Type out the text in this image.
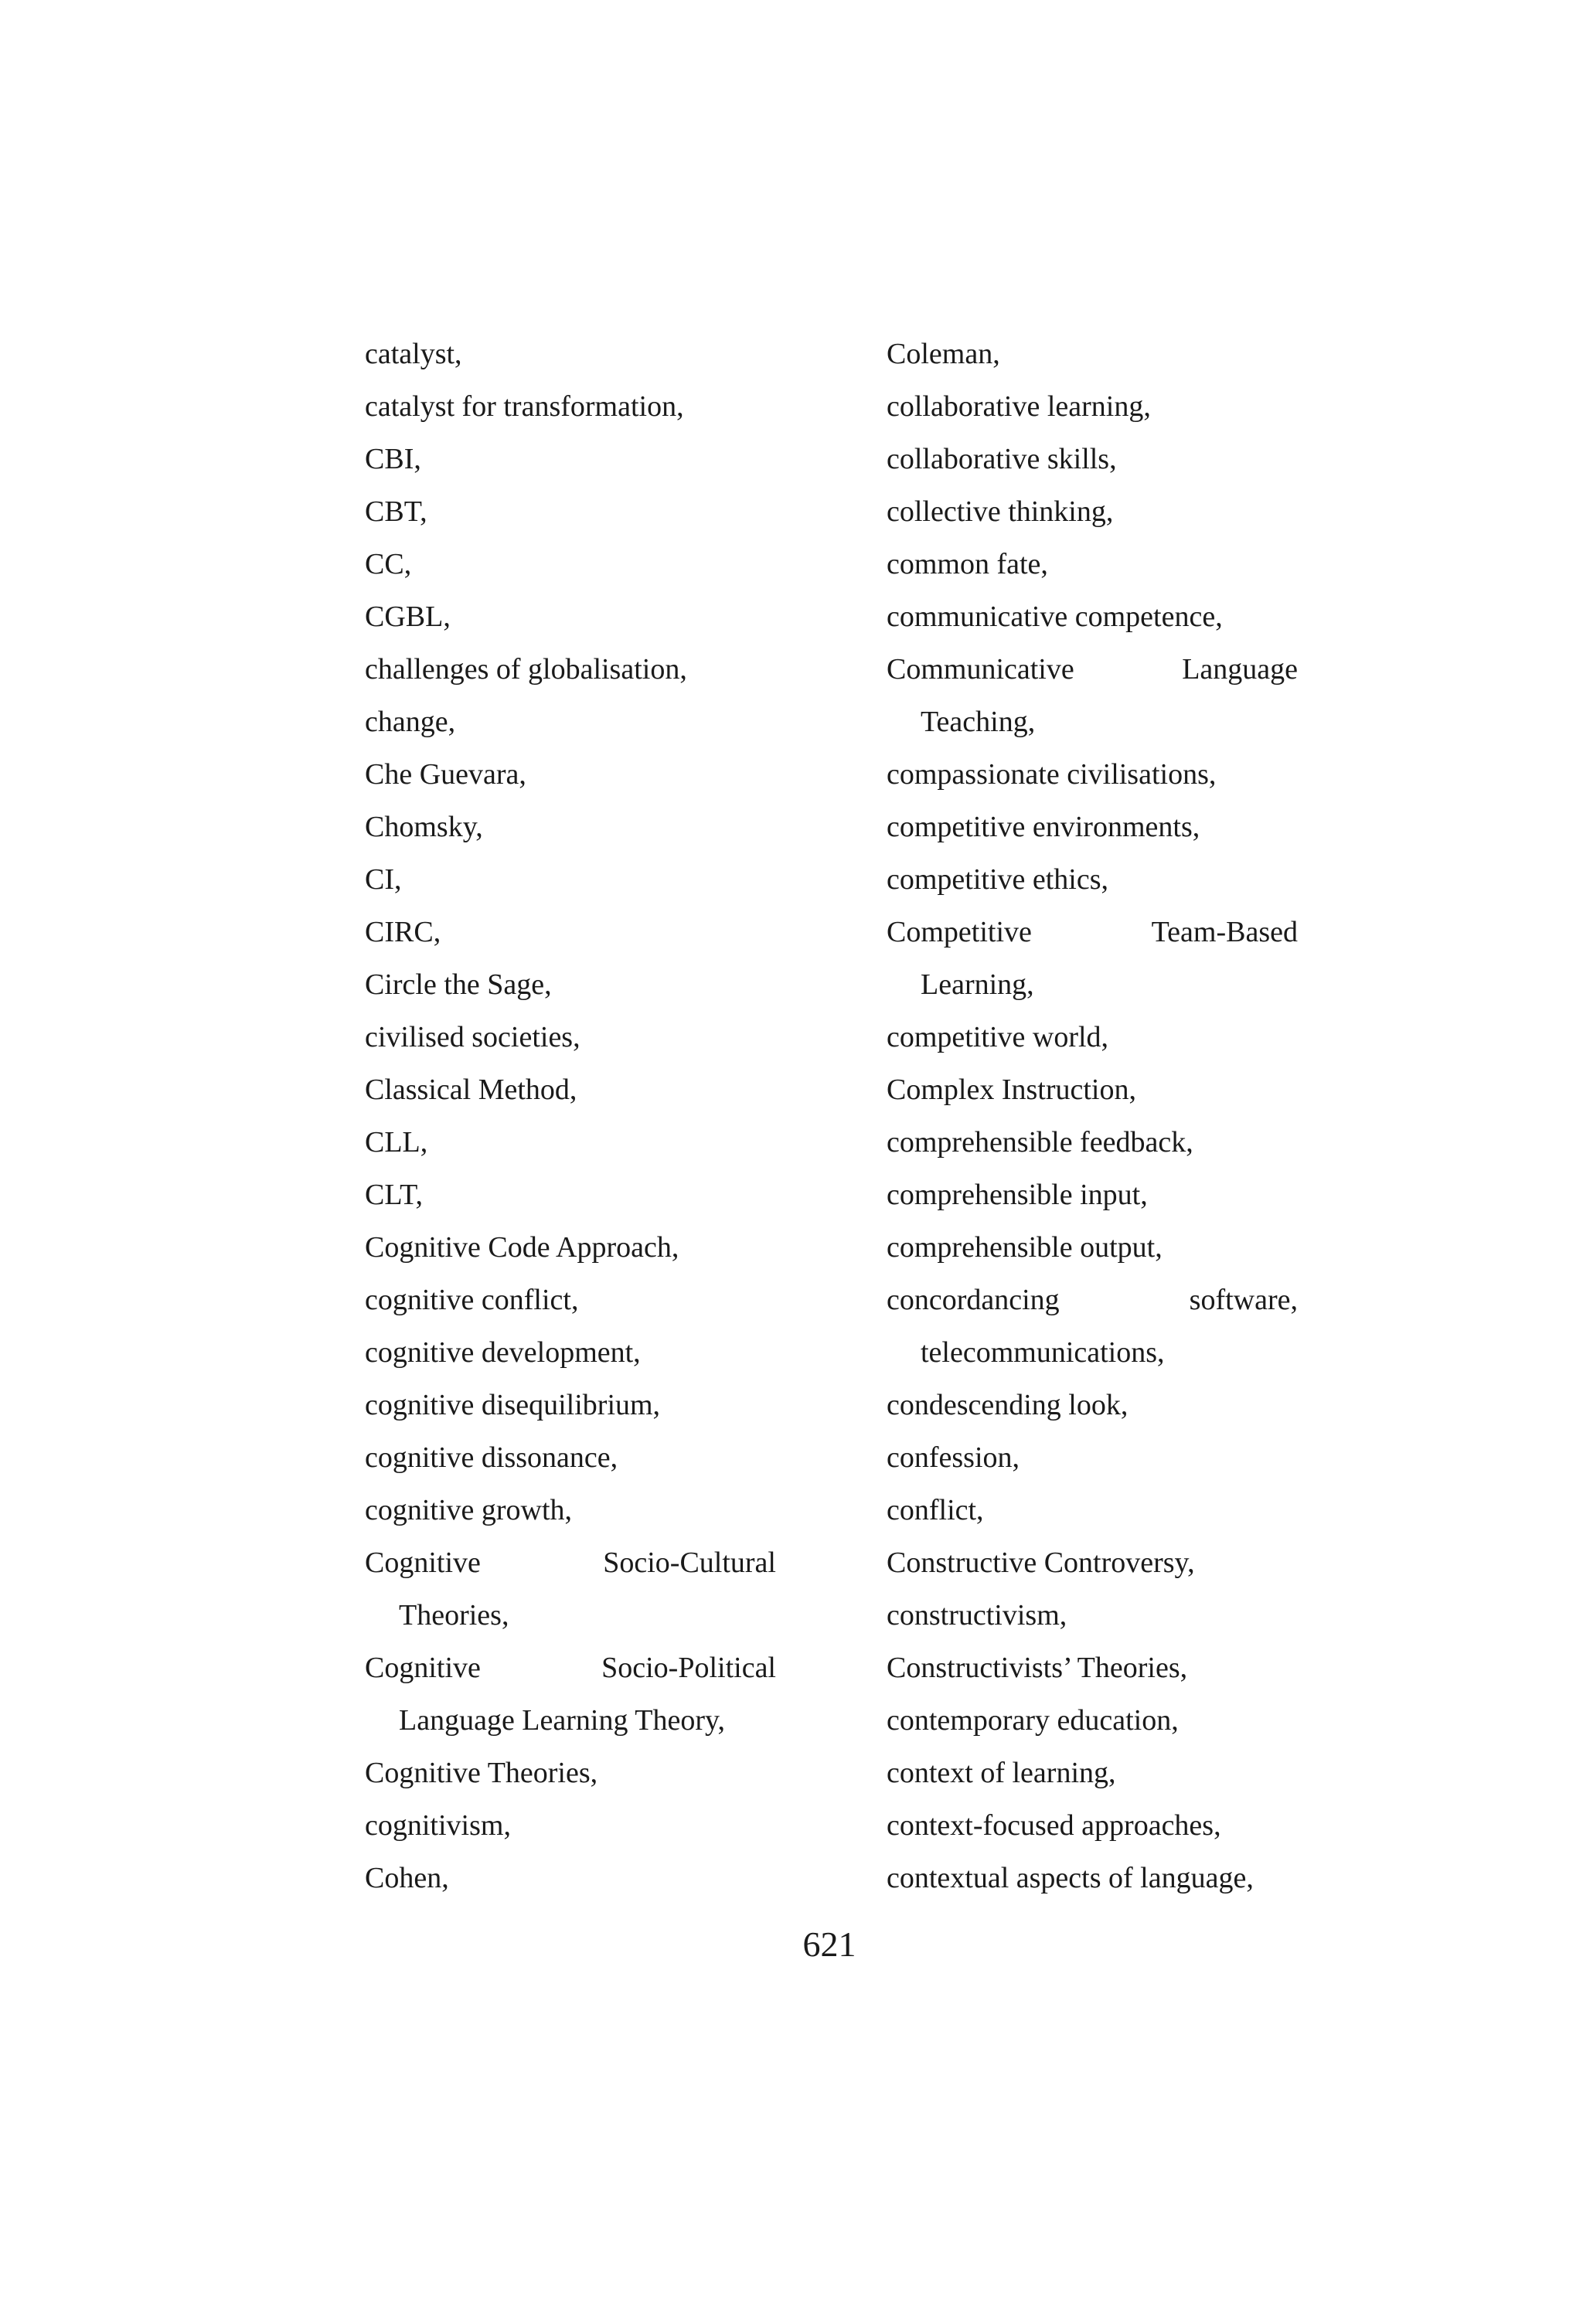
catalyst,
catalyst for transformation,
CBI,
CBT,
CC,
CGBL,
challenges of globalisation,
change,
Che Guevara,
Chomsky,
CI,
CIRC,
Circle the Sage,
civilised societies,
Classical Method,
CLL,
CLT,
Cognitive Code Approach,
cognitive conflict,
cognitive development,
cognitive disequilibrium,
cognitive dissonance,
cognitive growth,
Cognitive	Socio-Cultural
Theories,
Cognitive	Socio-Political
Language Learning Theory,
Cognitive Theories,
cognitivism,
Cohen,
Coleman,
collaborative learning,
collaborative skills,
collective thinking,
common fate,
communicative competence,
Communicative	Language
Teaching,
compassionate civilisations,
competitive environments,
competitive ethics,
Competitive	Team-Based
Learning,
competitive world,
Complex Instruction,
comprehensible feedback,
comprehensible input,
comprehensible output,
concordancing	software,
telecommunications,
condescending look,
confession,
conflict,
Constructive Controversy,
constructivism,
Constructivists’ Theories,
contemporary education,
context of learning,
context-focused approaches,
contextual aspects of language,
621
